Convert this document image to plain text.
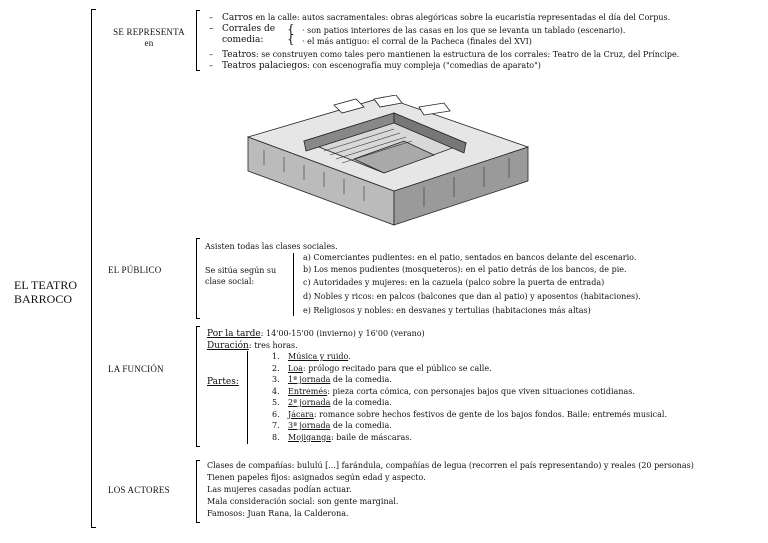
EL TEATRO BARROCO
SE REPRESENTA en
– Carros en la calle: autos sacramentales: obras alegóricas sobre la eucaristía representadas el día del Corpus.
– Corrales de comedia:
{
{
· son patios interiores de las casas en los que se levanta un tablado (escenario).
· el más antiguo: el corral de la Pacheca (finales del XVI)
– Teatros: se construyen como tales pero mantienen la estructura de los corrales: Teatro de la Cruz, del Príncipe.
– Teatros palaciegos: con escenografía muy compleja ("comedias de aparato")
EL PÚBLICO
Asisten todas las clases sociales.
Se sitúa según su clase social:
a) Comerciantes pudientes: en el patio, sentados en bancos delante del escenario.
b) Los menos pudientes (mosqueteros): en el patio detrás de los bancos, de pie.
c) Autoridades y mujeres: en la cazuela (palco sobre la puerta de entrada)
d) Nobles y ricos: en palcos (balcones que dan al patio) y aposentos (habitaciones).
e) Religiosos y nobles: en desvanes y tertulias (habitaciones más altas)
LA FUNCIÓN
Por la tarde: 14'00-15'00 (invierno) y 16'00 (verano)
Duración: tres horas.
Partes:
1. Música y ruido.
2. Loa: prólogo recitado para que el público se calle.
3. 1ª jornada de la comedia.
4. Entremés: pieza corta cómica, con personajes bajos que viven situaciones cotidianas.
5. 2ª jornada de la comedia.
6. Jácara: romance sobre hechos festivos de gente de los bajos fondos. Baile: entremés musical.
7. 3ª jornada de la comedia.
8. Mojiganga: baile de máscaras.
LOS ACTORES
Clases de compañías: bululú [...] farándula, compañías de legua (recorren el país representando) y reales (20 personas)
Tienen papeles fijos: asignados según edad y aspecto.
Las mujeres casadas podían actuar.
Mala consideración social: son gente marginal.
Famosos: Juan Rana, la Calderona.
